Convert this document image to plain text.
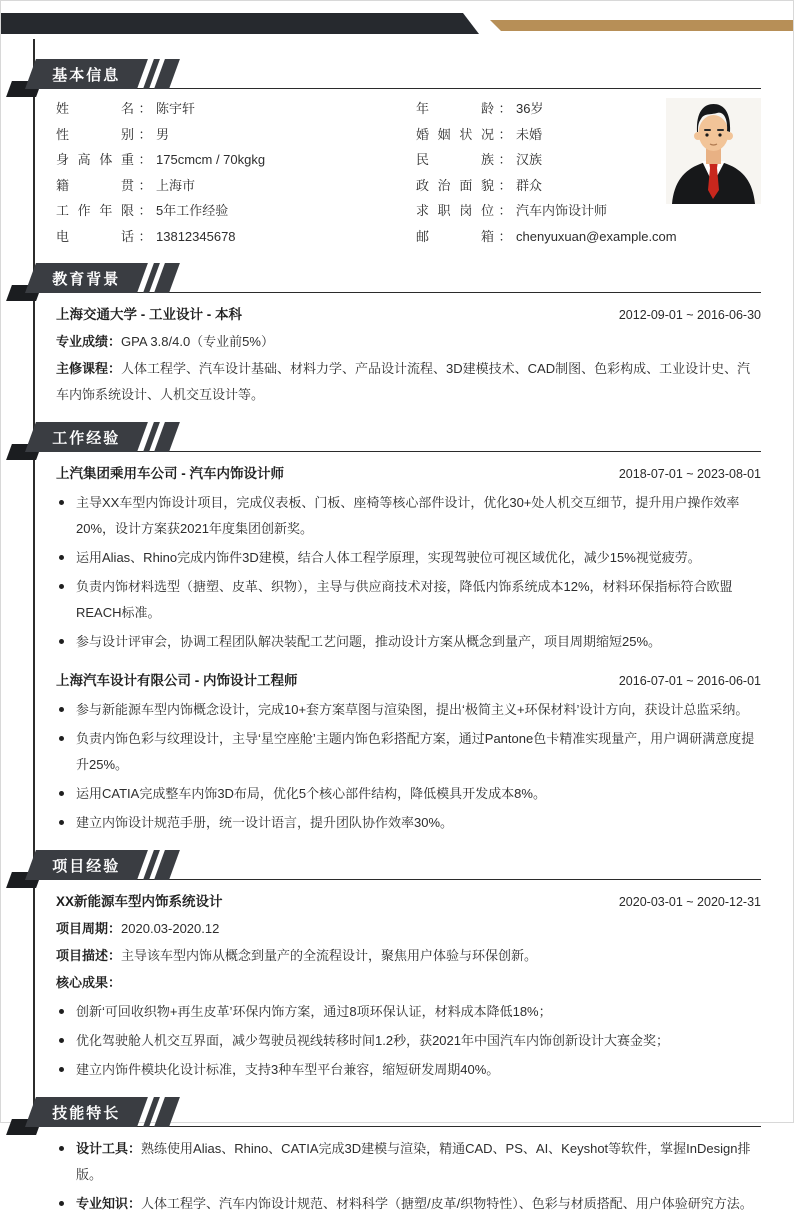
基本信息
姓名 ： 陈宇轩
性别 ： 男
身高体重 ： 175cmcm / 70kgkg
籍贯 ： 上海市
工作年限 ： 5年工作经验
电话 ： 13812345678
年龄 ： 36岁
婚姻状况 ： 未婚
民族 ： 汉族
政治面貌 ： 群众
求职岗位 ： 汽车内饰设计师
邮箱 ： chenyuxuan@example.com
教育背景
上海交通大学 - 工业设计 - 本科	2012-09-01 ~ 2016-06-30

专业成绩：GPA 3.8/4.0（专业前5%）

主修课程：人体工程学、汽车设计基础、材料力学、产品设计流程、3D建模技术、CAD制图、色彩构成、工业设计史、汽车内饰系统设计、人机交互设计等。

工作经验
上汽集团乘用车公司 - 汽车内饰设计师	2018-07-01 ~ 2023-08-01
主导XX车型内饰设计项目，完成仪表板、门板、座椅等核心部件设计，优化30+处人机交互细节，提升用户操作效率20%，设计方案获2021年度集团创新奖。
运用Alias、Rhino完成内饰件3D建模，结合人体工程学原理，实现驾驶位可视区域优化，减少15%视觉疲劳。
负责内饰材料选型（搪塑、皮革、织物），主导与供应商技术对接，降低内饰系统成本12%，材料环保指标符合欧盟REACH标准。
参与设计评审会，协调工程团队解决装配工艺问题，推动设计方案从概念到量产，项目周期缩短25%。
上海汽车设计有限公司 - 内饰设计工程师	2016-07-01 ~ 2016-06-01
参与新能源车型内饰概念设计，完成10+套方案草图与渲染图，提出‘极简主义+环保材料’设计方向，获设计总监采纳。
负责内饰色彩与纹理设计，主导‘星空座舱’主题内饰色彩搭配方案，通过Pantone色卡精准实现量产，用户调研满意度提升25%。
运用CATIA完成整车内饰3D布局，优化5个核心部件结构，降低模具开发成本8%。
建立内饰设计规范手册，统一设计语言，提升团队协作效率30%。
项目经验
XX新能源车型内饰系统设计	2020-03-01 ~ 2020-12-31

项目周期：2020.03-2020.12

项目描述：主导该车型内饰从概念到量产的全流程设计，聚焦用户体验与环保创新。

核心成果：

创新‘可回收织物+再生皮革’环保内饰方案，通过8项环保认证，材料成本降低18%；
优化驾驶舱人机交互界面，减少驾驶员视线转移时间1.2秒，获2021年中国汽车内饰创新设计大赛金奖；
建立内饰件模块化设计标准，支持3种车型平台兼容，缩短研发周期40%。
技能特长
设计工具：熟练使用Alias、Rhino、CATIA完成3D建模与渲染，精通CAD、PS、AI、Keyshot等软件，掌握InDesign排版。
专业知识：人体工程学、汽车内饰设计规范、材料科学（搪塑/皮革/织物特性）、色彩与材质搭配、用户体验研究方法。
